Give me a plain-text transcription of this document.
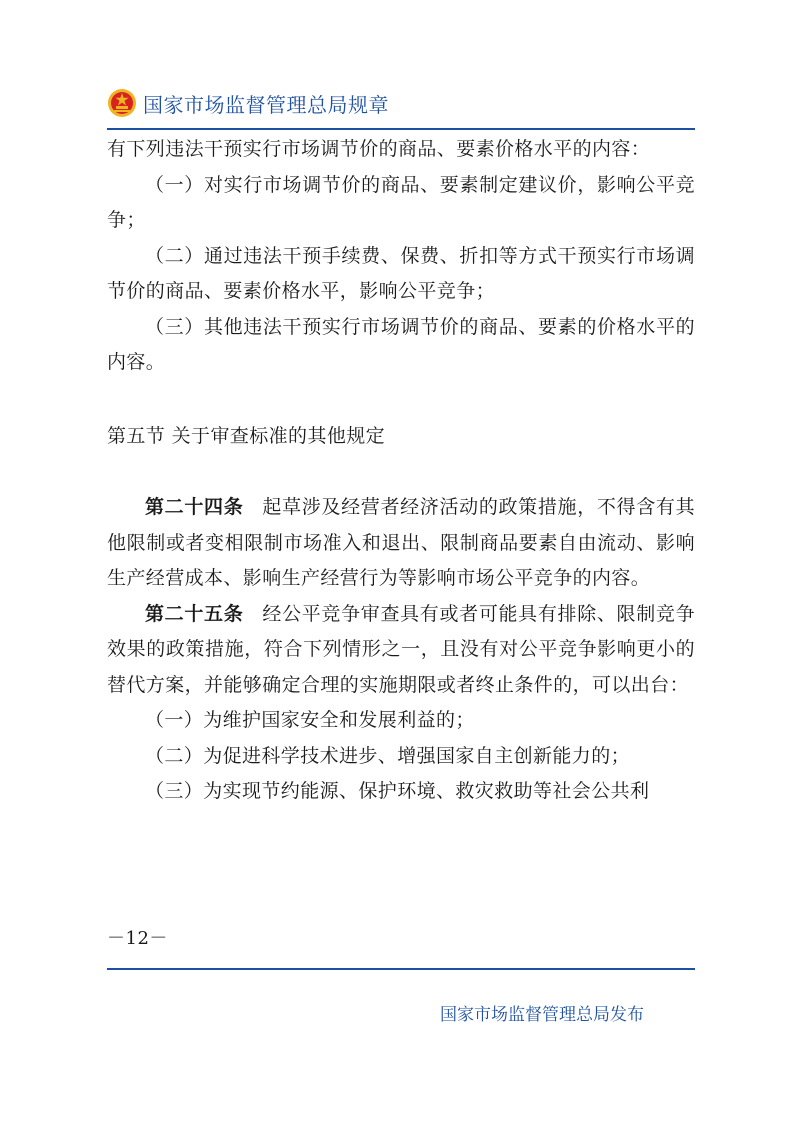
国家市场监督管理总局规章

有下列违法干预实行市场调节价的商品、要素价格水平的内容：

（一）对实行市场调节价的商品、要素制定建议价，影响公平竞争；

（二）通过违法干预手续费、保费、折扣等方式干预实行市场调节价的商品、要素价格水平，影响公平竞争；

（三）其他违法干预实行市场调节价的商品、要素的价格水平的内容。

第五节 关于审查标准的其他规定

第二十四条 起草涉及经营者经济活动的政策措施，不得含有其他限制或者变相限制市场准入和退出、限制商品要素自由流动、影响生产经营成本、影响生产经营行为等影响市场公平竞争的内容。

第二十五条 经公平竞争审查具有或者可能具有排除、限制竞争效果的政策措施，符合下列情形之一，且没有对公平竞争影响更小的替代方案，并能够确定合理的实施期限或者终止条件的，可以出台：

（一）为维护国家安全和发展利益的；

（二）为促进科学技术进步、增强国家自主创新能力的；

（三）为实现节约能源、保护环境、救灾救助等社会公共利

－12－
国家市场监督管理总局发布
